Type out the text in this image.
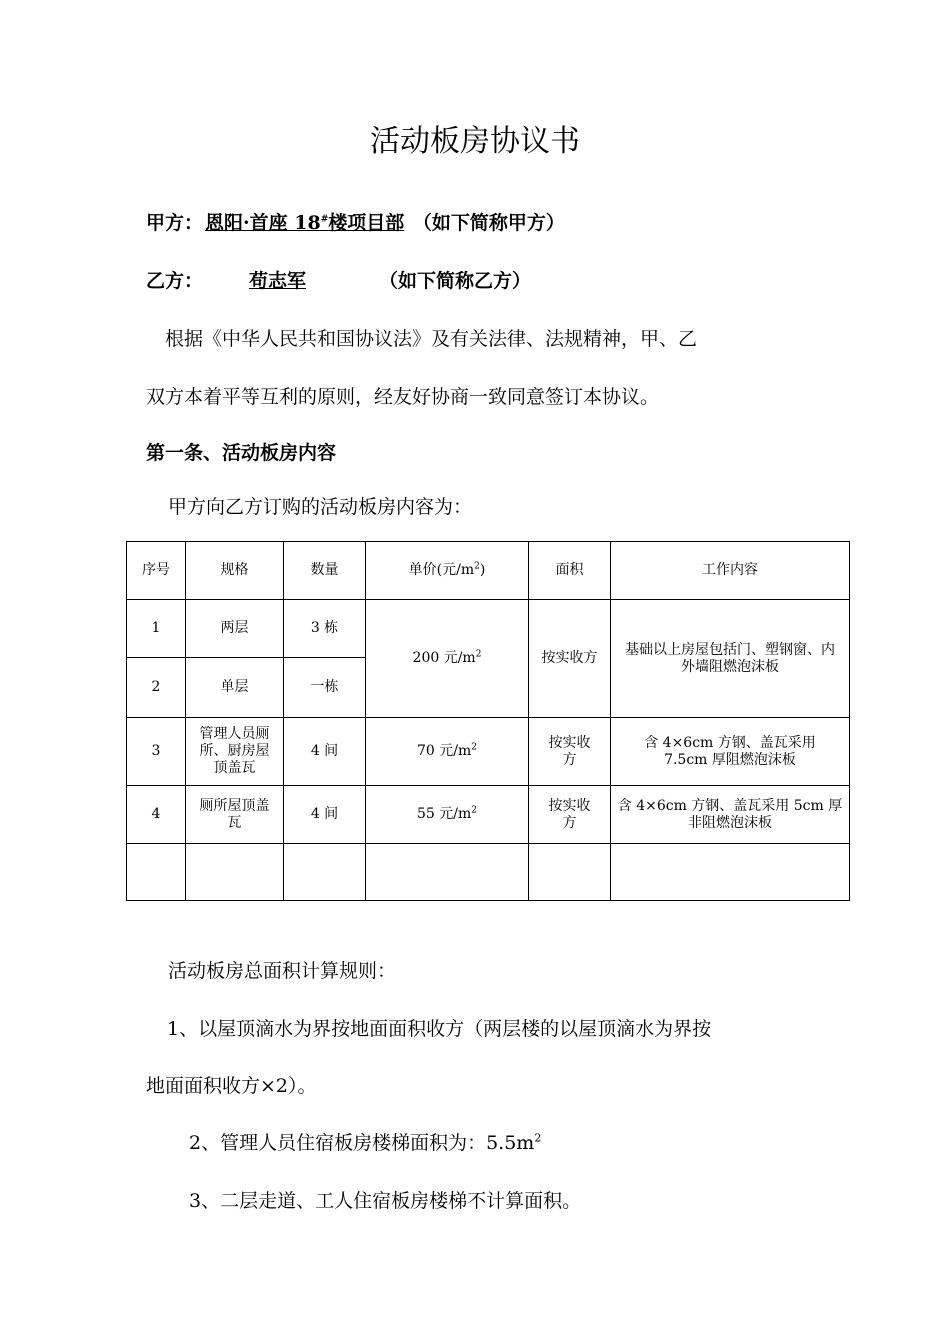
活动板房协议书
甲方： 恩阳·首座 18#楼项目部 （如下简称甲方）
乙方： 苟志军	（如下简称乙方）
根据《中华人民共和国协议法》及有关法律、法规精神，甲、乙
双方本着平等互利的原则，经友好协商一致同意签订本协议。
第一条、活动板房内容
甲方向乙方订购的活动板房内容为：
序号	规格	数量	单价(元$/m^2$)	面积	工作内容
1	两层	3 栋	200 元$/m^2$	按实收方	基础以上房屋包括门、塑钢窗、内外墙阻燃泡沫板
2	单层	一栋			
3	管理人员厕所、厨房屋顶盖瓦	4 间	70 元$/m^2$	按实收方	含 4×6cm 方钢、盖瓦采用 7.5cm 厚阻燃泡沫板
4	厕所屋顶盖瓦	4 间	55 元$/m^2$	按实收方	含 4×6cm 方钢、盖瓦采用 5cm 厚非阻燃泡沫板

活动板房总面积计算规则：
1、以屋顶滴水为界按地面面积收方（两层楼的以屋顶滴水为界按
地面面积收方×2）。
2、管理人员住宿板房楼梯面积为：$5.5m^2$
3、二层走道、工人住宿板房楼梯不计算面积。
